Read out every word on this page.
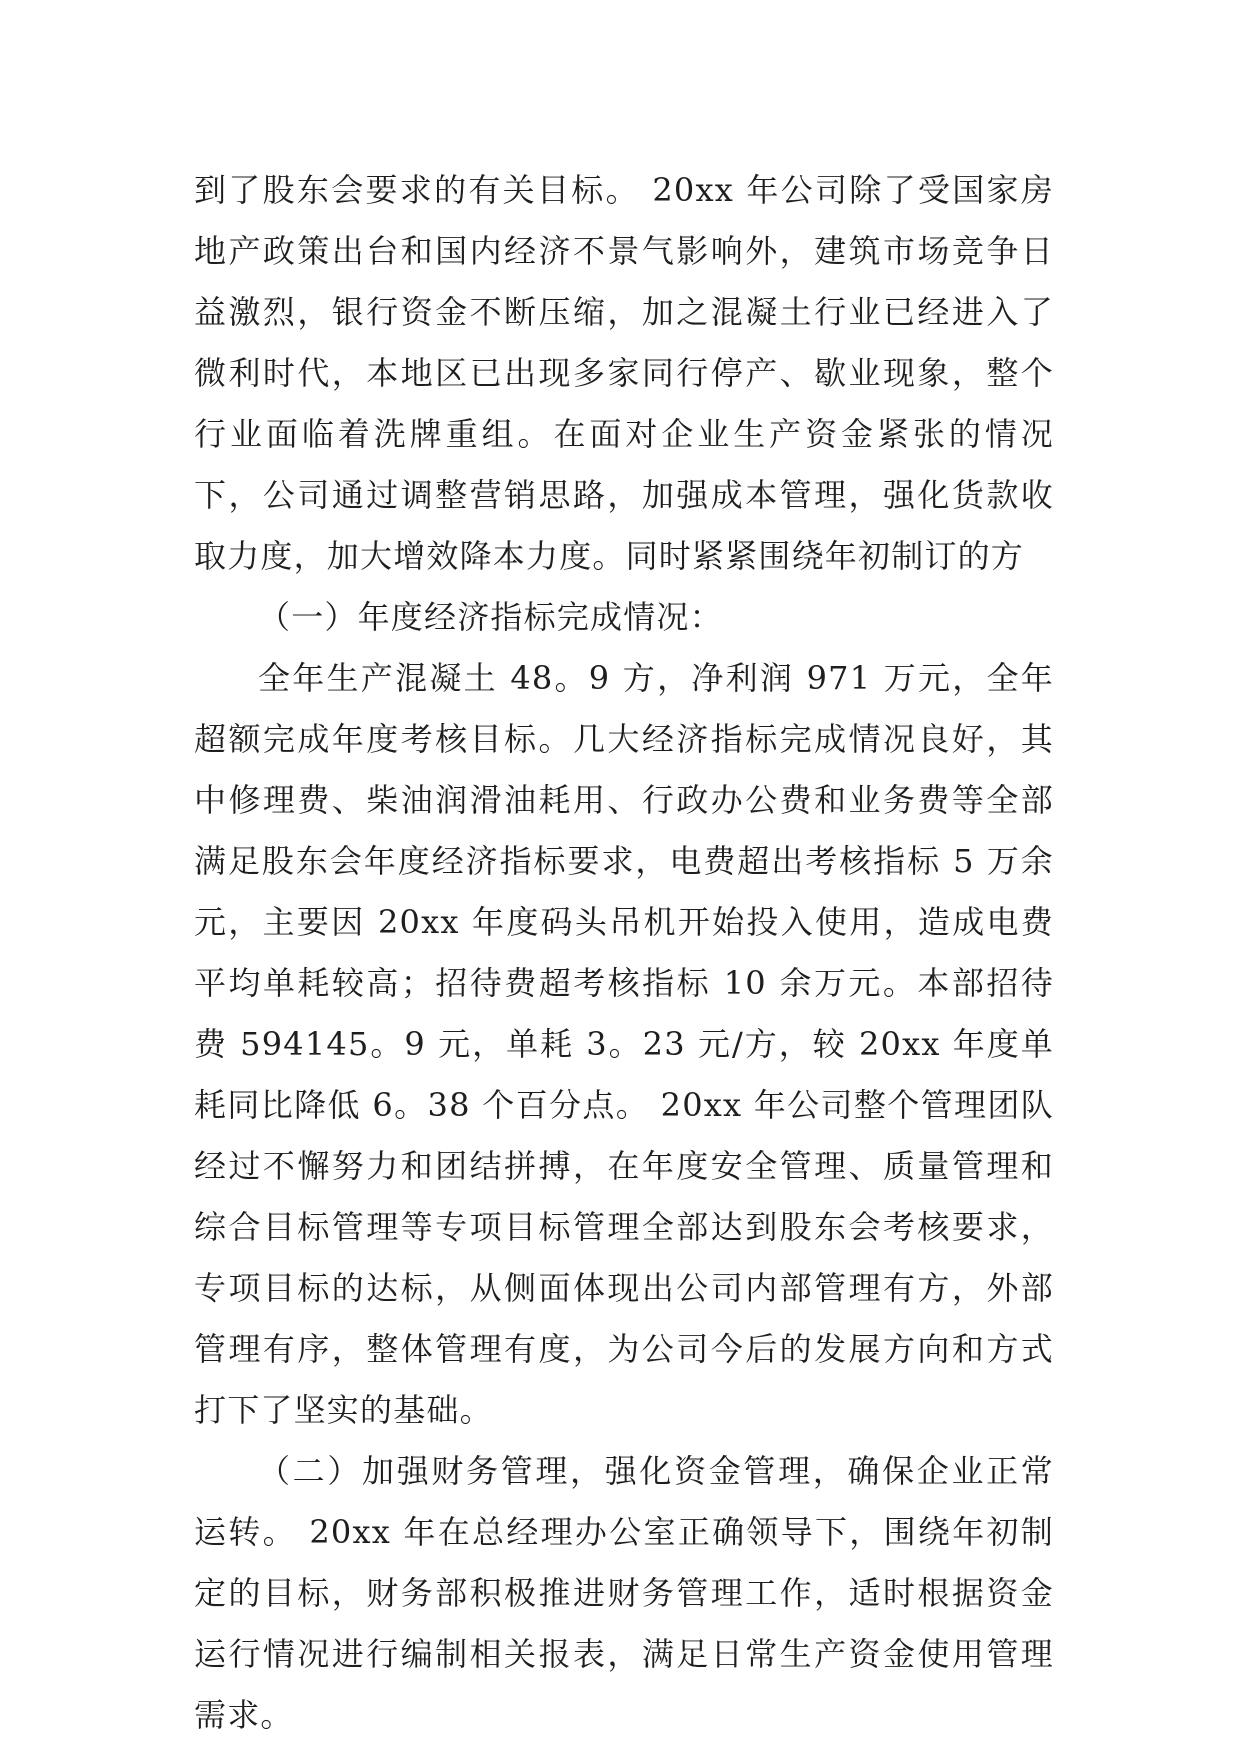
到了股东会要求的有关目标。 20xx 年公司除了受国家房地产政策出台和国内经济不景气影响外，建筑市场竞争日益激烈，银行资金不断压缩，加之混凝土行业已经进入了微利时代，本地区已出现多家同行停产、歇业现象，整个行业面临着洗牌重组。在面对企业生产资金紧张的情况下，公司通过调整营销思路，加强成本管理，强化货款收取力度，加大增效降本力度。同时紧紧围绕年初制订的方

（一）年度经济指标完成情况：

全年生产混凝土 48。9 方，净利润 971 万元，全年超额完成年度考核目标。几大经济指标完成情况良好，其中修理费、柴油润滑油耗用、行政办公费和业务费等全部满足股东会年度经济指标要求，电费超出考核指标 5 万余元，主要因 20xx 年度码头吊机开始投入使用，造成电费平均单耗较高；招待费超考核指标 10 余万元。本部招待费 594145。9 元，单耗 3。23 元/方，较 20xx 年度单耗同比降低 6。38 个百分点。 20xx 年公司整个管理团队经过不懈努力和团结拼搏，在年度安全管理、质量管理和综合目标管理等专项目标管理全部达到股东会考核要求，专项目标的达标，从侧面体现出公司内部管理有方，外部管理有序，整体管理有度，为公司今后的发展方向和方式打下了坚实的基础。

（二）加强财务管理，强化资金管理，确保企业正常运转。 20xx 年在总经理办公室正确领导下，围绕年初制定的目标，财务部积极推进财务管理工作，适时根据资金运行情况进行编制相关报表，满足日常生产资金使用管理需求。
